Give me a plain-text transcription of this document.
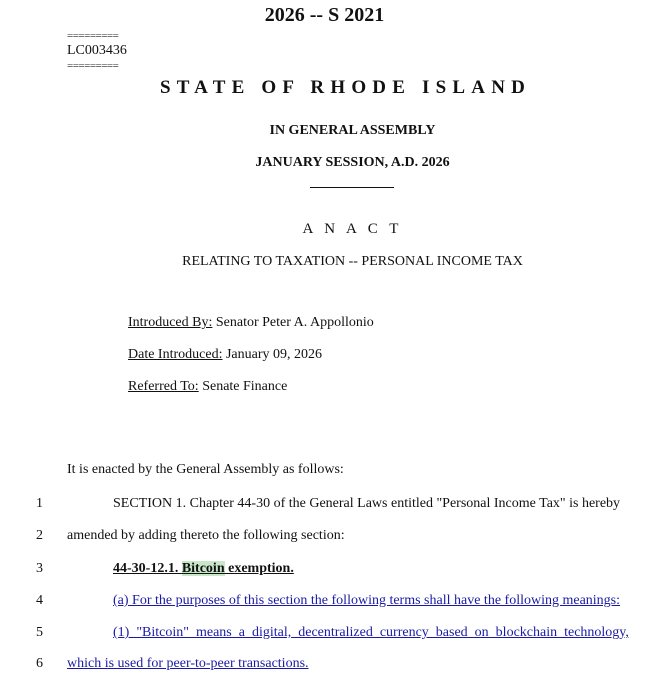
2026 -- S 2021
=========
LC003436
=========
STATE OF RHODE ISLAND
IN GENERAL ASSEMBLY
JANUARY SESSION, A.D. 2026
A N A C T
RELATING TO TAXATION -- PERSONAL INCOME TAX
Introduced By: Senator Peter A. Appollonio
Date Introduced: January 09, 2026
Referred To: Senate Finance
It is enacted by the General Assembly as follows:
1	SECTION 1. Chapter 44-30 of the General Laws entitled "Personal Income Tax" is hereby
2	amended by adding thereto the following section:
3	44-30-12.1. Bitcoin exemption.
4	(a) For the purposes of this section the following terms shall have the following meanings:
5	(1)  "Bitcoin"  means  a  digital,  decentralized  currency  based  on  blockchain  technology,
6	which is used for peer-to-peer transactions.
